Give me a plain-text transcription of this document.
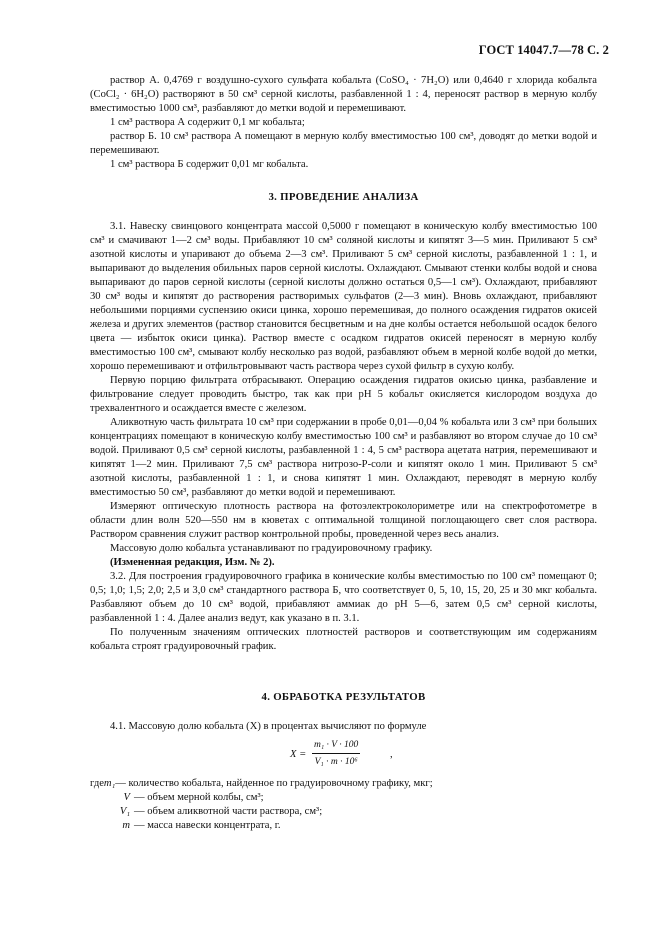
ГОСТ 14047.7—78 С. 2

раствор А. 0,4769 г воздушно-сухого сульфата кобальта (CoSO₄ · 7H₂O) или 0,4640 г хлорида кобальта (CoCl₂ · 6H₂O) растворяют в 50 см³ серной кислоты, разбавленной 1 : 4, переносят раствор в мерную колбу вместимостью 1000 см³, разбавляют до метки водой и перемешивают.

1 см³ раствора А содержит 0,1 мг кобальта;

раствор Б. 10 см³ раствора А помещают в мерную колбу вместимостью 100 см³, доводят до метки водой и перемешивают.

1 см³ раствора Б содержит 0,01 мг кобальта.

3. ПРОВЕДЕНИЕ АНАЛИЗА

3.1. Навеску свинцового концентрата массой 0,5000 г помещают в коническую колбу вместимостью 100 см³ и смачивают 1—2 см³ воды. Прибавляют 10 см³ соляной кислоты и кипятят 3—5 мин. Приливают 5 см³ азотной кислоты и упаривают до объема 2—3 см³. Приливают 5 см³ серной кислоты, разбавленной 1 : 1, и выпаривают до выделения обильных паров серной кислоты. Охлаждают. Смывают стенки колбы водой и снова выпаривают до паров серной кислоты (серной кислоты должно остаться 0,5—1 см³). Охлаждают, прибавляют 30 см³ воды и кипятят до растворения растворимых сульфатов (2—3 мин). Вновь охлаждают, прибавляют небольшими порциями суспензию окиси цинка, хорошо перемешивая, до полного осаждения гидратов окисей железа и других элементов (раствор становится бесцветным и на дне колбы остается небольшой осадок белого цвета — избыток окиси цинка). Раствор вместе с осадком гидратов окисей переносят в мерную колбу вместимостью 100 см³, смывают колбу несколько раз водой, разбавляют объем в мерной колбе водой до метки, хорошо перемешивают и отфильтровывают часть раствора через сухой фильтр в сухую колбу.

Первую порцию фильтрата отбрасывают. Операцию осаждения гидратов окисью цинка, разбавление и фильтрование следует проводить быстро, так как при pH 5 кобальт окисляется кислородом воздуха до трехвалентного и осаждается вместе с железом.

Аликвотную часть фильтрата 10 см³ при содержании в пробе 0,01—0,04 % кобальта или 3 см³ при больших концентрациях помещают в коническую колбу вместимостью 100 см³ и разбавляют во втором случае до 10 см³ водой. Приливают 0,5 см³ серной кислоты, разбавленной 1 : 4, 5 см³ раствора ацетата натрия, перемешивают и кипятят 1—2 мин. Приливают 7,5 см³ раствора нитрозо-Р-соли и кипятят около 1 мин. Приливают 5 см³ азотной кислоты, разбавленной 1 : 1, и снова кипятят 1 мин. Охлаждают, переводят в мерную колбу вместимостью 50 см³, разбавляют до метки водой и перемешивают.

Измеряют оптическую плотность раствора на фотоэлектроколориметре или на спектрофотометре в области длин волн 520—550 нм в кюветах с оптимальной толщиной поглощающего свет слоя раствора. Раствором сравнения служит раствор контрольной пробы, проведенной через весь анализ.

Массовую долю кобальта устанавливают по градуировочному графику.

(Измененная редакция, Изм. № 2).

3.2. Для построения градуировочного графика в конические колбы вместимостью по 100 см³ помещают 0; 0,5; 1,0; 1,5; 2,0; 2,5 и 3,0 см³ стандартного раствора Б, что соответствует 0, 5, 10, 15, 20, 25 и 30 мкг кобальта. Разбавляют объем до 10 см³ водой, прибавляют аммиак до pH 5—6, затем 0,5 см³ серной кислоты, разбавленной 1 : 4. Далее анализ ведут, как указано в п. 3.1.

По полученным значениям оптических плотностей растворов и соответствующим им содержаниям кобальта строят градуировочный график.

4. ОБРАБОТКА РЕЗУЛЬТАТОВ

4.1. Массовую долю кобальта (X) в процентах вычисляют по формуле

$X = \frac{\text{m₁ · V · 100}}{\text{V₁ · m · 10⁶}}$	,
где m₁ — количество кобальта, найденное по градуировочному графику, мкг;
V — объем мерной колбы, см³;
V₁ — объем аликвотной части раствора, см³;
m — масса навески концентрата, г.
